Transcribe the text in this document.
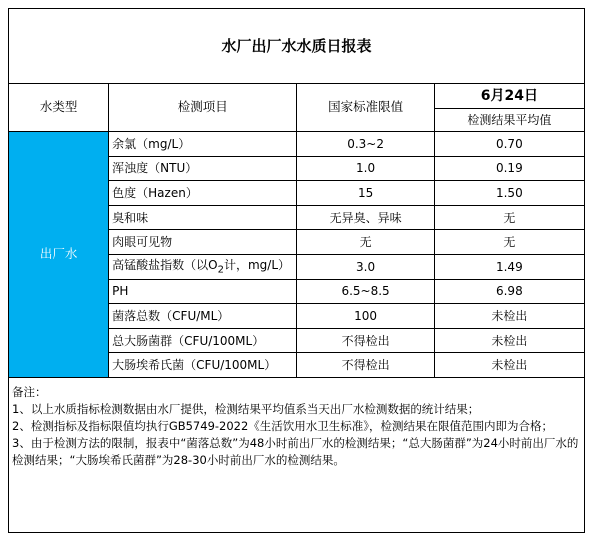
水厂出厂水水质日报表			
水类型	检测项目	国家标准限值	6月24日
			检测结果平均值
出厂水	余氯（mg/L）	0.3~2	0.70
	浑浊度（NTU）	1.0	0.19
	色度（Hazen）	15	1.50
	臭和味	无异臭、异味	无
	肉眼可见物	无	无
	高锰酸盐指数（以$O_2$计，mg/L）	3.0	1.49
	PH	6.5~8.5	6.98
	菌落总数（CFU/ML）	100	未检出
	总大肠菌群（CFU/100ML）	不得检出	未检出
	大肠埃希氏菌（CFU/100ML）	不得检出	未检出

备注：
1、以上水质指标检测数据由水厂提供，检测结果平均值系当天出厂水检测数据的统计结果；
2、检测指标及指标限值均执行GB5749-2022《生活饮用水卫生标准》，检测结果在限值范围内即为合格；
3、由于检测方法的限制，报表中“菌落总数”为48小时前出厂水的检测结果；“总大肠菌群”为24小时前出厂水的检测结果；“大肠埃希氏菌群”为28-30小时前出厂水的检测结果。			
